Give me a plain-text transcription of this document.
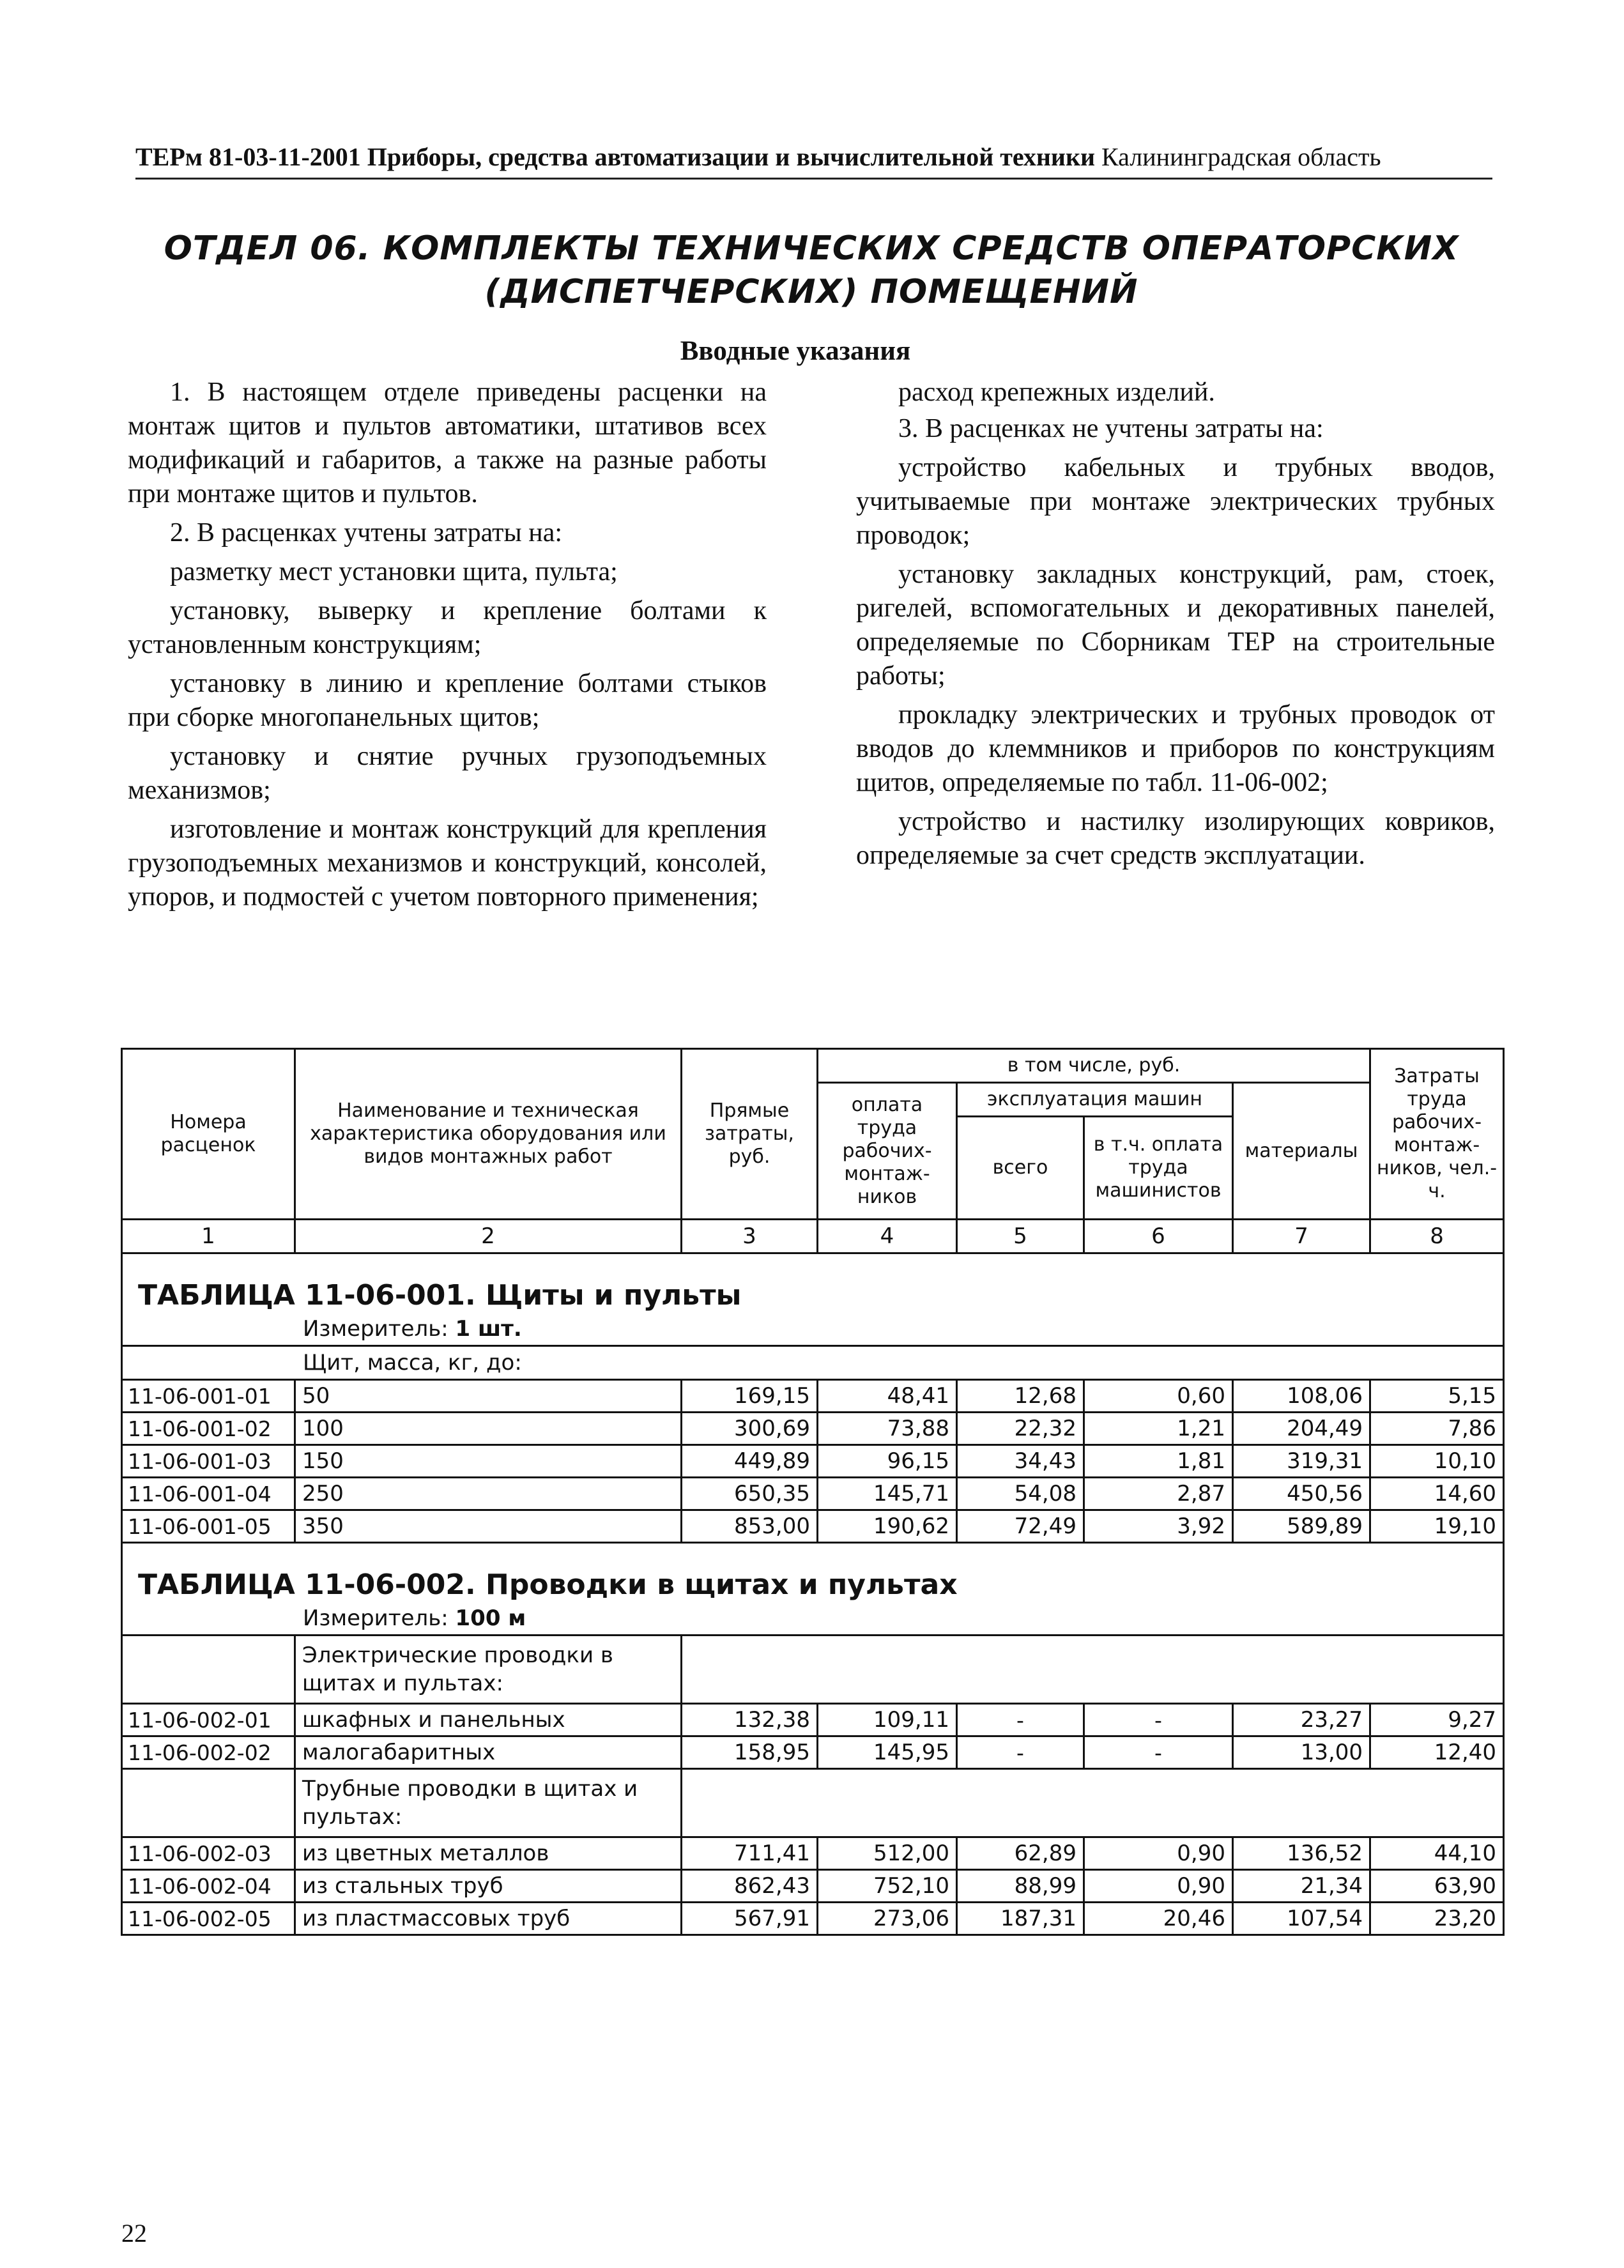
ТЕРм 81-03-11-2001 Приборы, средства автоматизации и вычислительной техники Калининградская область
ОТДЕЛ 06. КОМПЛЕКТЫ ТЕХНИЧЕСКИХ СРЕДСТВ ОПЕРАТОРСКИХ
(ДИСПЕТЧЕРСКИХ) ПОМЕЩЕНИЙ
Вводные указания

1. В настоящем отделе приведены расценки на монтаж щитов и пультов автоматики, штативов всех модификаций и габаритов, а также на разные работы при монтаже щитов и пультов.

2. В расценках учтены затраты на:

разметку мест установки щита, пульта;

установку, выверку и крепление болтами к установленным конструкциям;

установку в линию и крепление болтами стыков при сборке многопанельных щитов;

установку и снятие ручных грузоподъемных механизмов;

изготовление и монтаж конструкций для крепления грузоподъемных механизмов и конструкций, консолей, упоров, и подмостей с учетом повторного применения;

расход крепежных изделий.

3. В расценках не учтены затраты на:

устройство кабельных и трубных вводов, учитываемые при монтаже электрических трубных проводок;

установку закладных конструкций, рам, стоек, ригелей, вспомогательных и декоративных панелей, определяемые по Сборникам ТЕР на строительные работы;

прокладку электрических и трубных проводок от вводов до клеммников и приборов по конструкциям щитов, определяемые по табл. 11-06-002;

устройство и настилку изолирующих ковриков, определяемые за счет средств эксплуатации.

Номера расценок	Наименование и техническая характеристика оборудования или видов монтажных работ	Прямые затраты, руб.	в том числе, руб.				Затраты труда рабочих-монтаж-ников, чел.-ч.
			оплата труда рабочих-монтаж-ников	эксплуатация машин		материалы	
				всего	в т.ч. оплата труда машинистов		
1	2	3	4	5	6	7	8
ТАБЛИЦА 11-06-001. Щиты и пульты							
Измеритель: 1 шт.							
Щит, масса, кг, до:							
11-06-001-01	50	169,15	48,41	12,68	0,60	108,06	5,15
11-06-001-02	100	300,69	73,88	22,32	1,21	204,49	7,86
11-06-001-03	150	449,89	96,15	34,43	1,81	319,31	10,10
11-06-001-04	250	650,35	145,71	54,08	2,87	450,56	14,60
11-06-001-05	350	853,00	190,62	72,49	3,92	589,89	19,10
ТАБЛИЦА 11-06-002. Проводки в щитах и пультах							
Измеритель: 100 м							
	Электрические проводки в щитах и пультах:						
11-06-002-01	шкафных и панельных	132,38	109,11	-	-	23,27	9,27
11-06-002-02	малогабаритных	158,95	145,95	-	-	13,00	12,40
	Трубные проводки в щитах и пультах:						
11-06-002-03	из цветных металлов	711,41	512,00	62,89	0,90	136,52	44,10
11-06-002-04	из стальных труб	862,43	752,10	88,99	0,90	21,34	63,90
11-06-002-05	из пластмассовых труб	567,91	273,06	187,31	20,46	107,54	23,20
22
